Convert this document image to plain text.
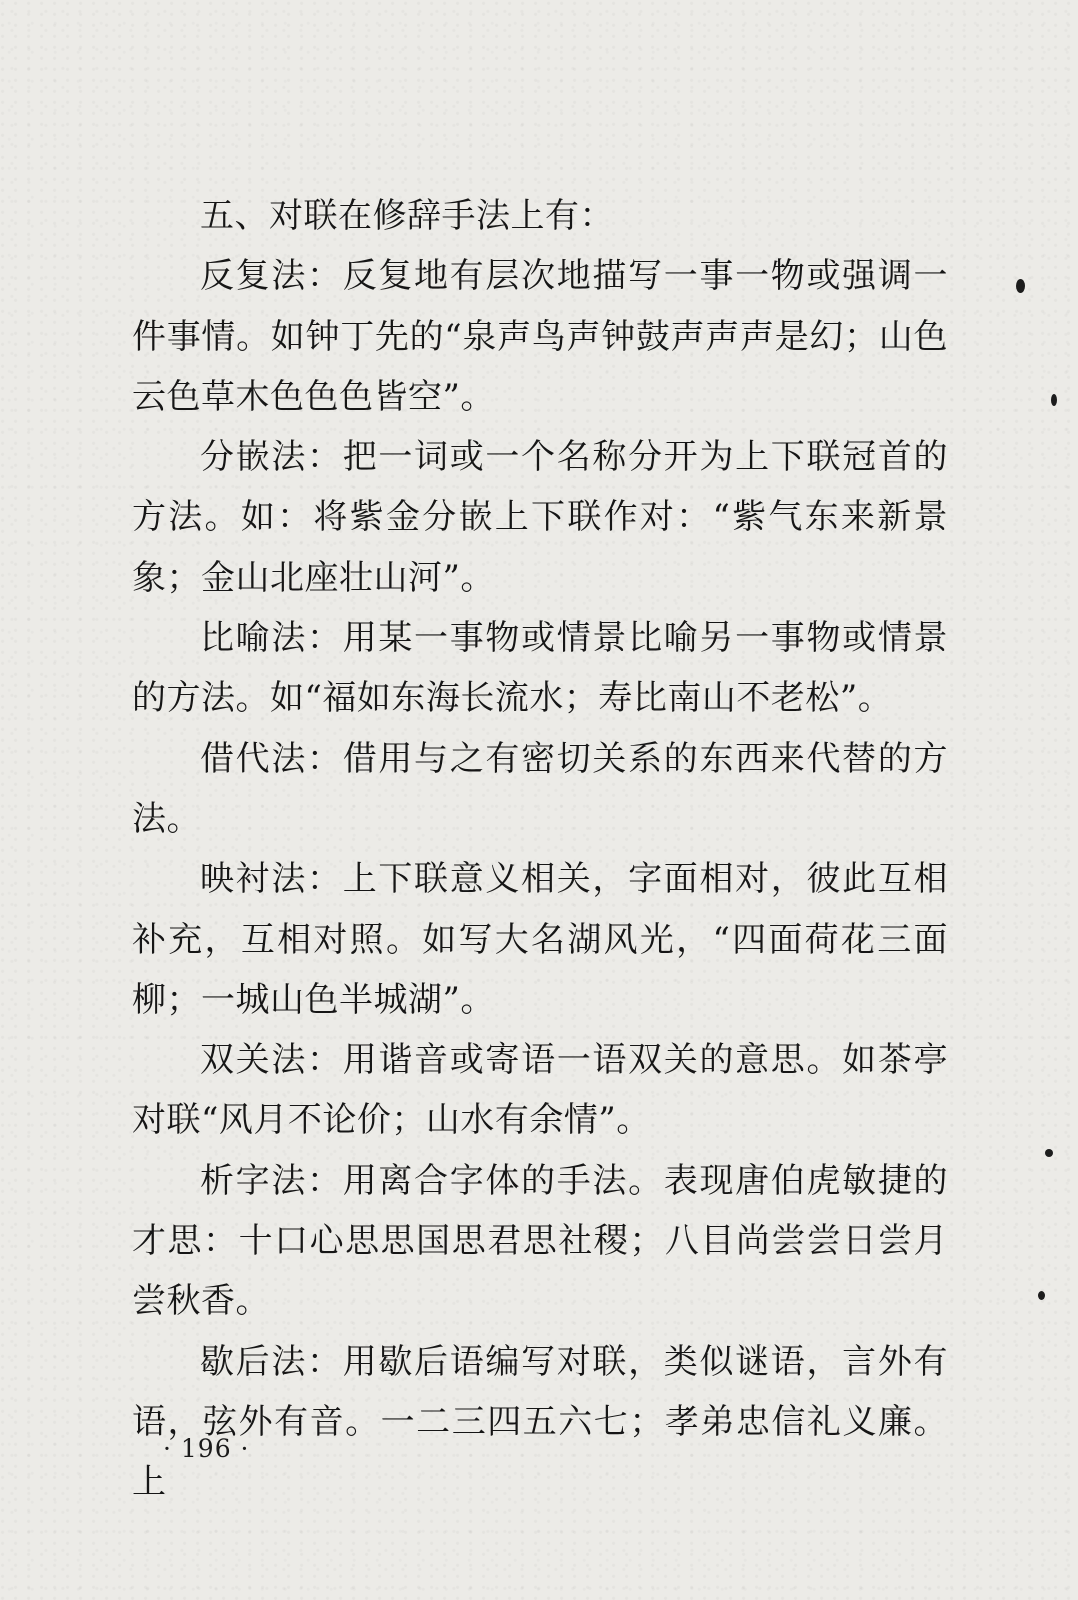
五、对联在修辞手法上有：

反复法：反复地有层次地描写一事一物或强调一件事情。如钟丁先的“泉声鸟声钟鼓声声声是幻；山色云色草木色色色皆空”。

分嵌法：把一词或一个名称分开为上下联冠首的方法。如：将紫金分嵌上下联作对：“紫气东来新景象；金山北座壮山河”。

比喻法：用某一事物或情景比喻另一事物或情景的方法。如“福如东海长流水；寿比南山不老松”。

借代法：借用与之有密切关系的东西来代替的方法。

映衬法：上下联意义相关，字面相对，彼此互相补充，互相对照。如写大名湖风光，“四面荷花三面柳；一城山色半城湖”。

双关法：用谐音或寄语一语双关的意思。如茶亭对联“风月不论价；山水有余情”。

析字法：用离合字体的手法。表现唐伯虎敏捷的才思：十口心思思国思君思社稷；八目尚尝尝日尝月尝秋香。

歇后法：用歇后语编写对联，类似谜语，言外有语，弦外有音。一二三四五六七；孝弟忠信礼义廉。上

· 196 ·
